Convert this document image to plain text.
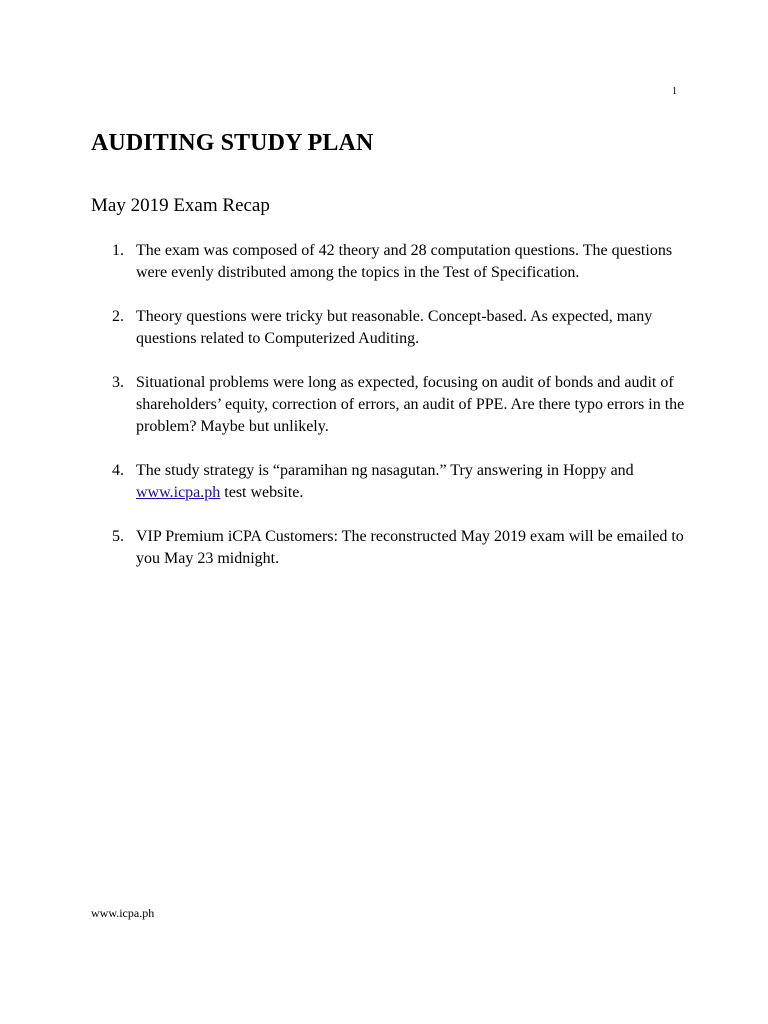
1
AUDITING STUDY PLAN
May 2019 Exam Recap
1. The exam was composed of 42 theory and 28 computation questions. The questions were evenly distributed among the topics in the Test of Specification.
2. Theory questions were tricky but reasonable. Concept-based. As expected, many questions related to Computerized Auditing.
3. Situational problems were long as expected, focusing on audit of bonds and audit of shareholders’ equity, correction of errors, an audit of PPE. Are there typo errors in the problem? Maybe but unlikely.
4. The study strategy is “paramihan ng nasagutan.” Try answering in Hoppy and www.icpa.ph test website.
5. VIP Premium iCPA Customers: The reconstructed May 2019 exam will be emailed to you May 23 midnight.
www.icpa.ph
